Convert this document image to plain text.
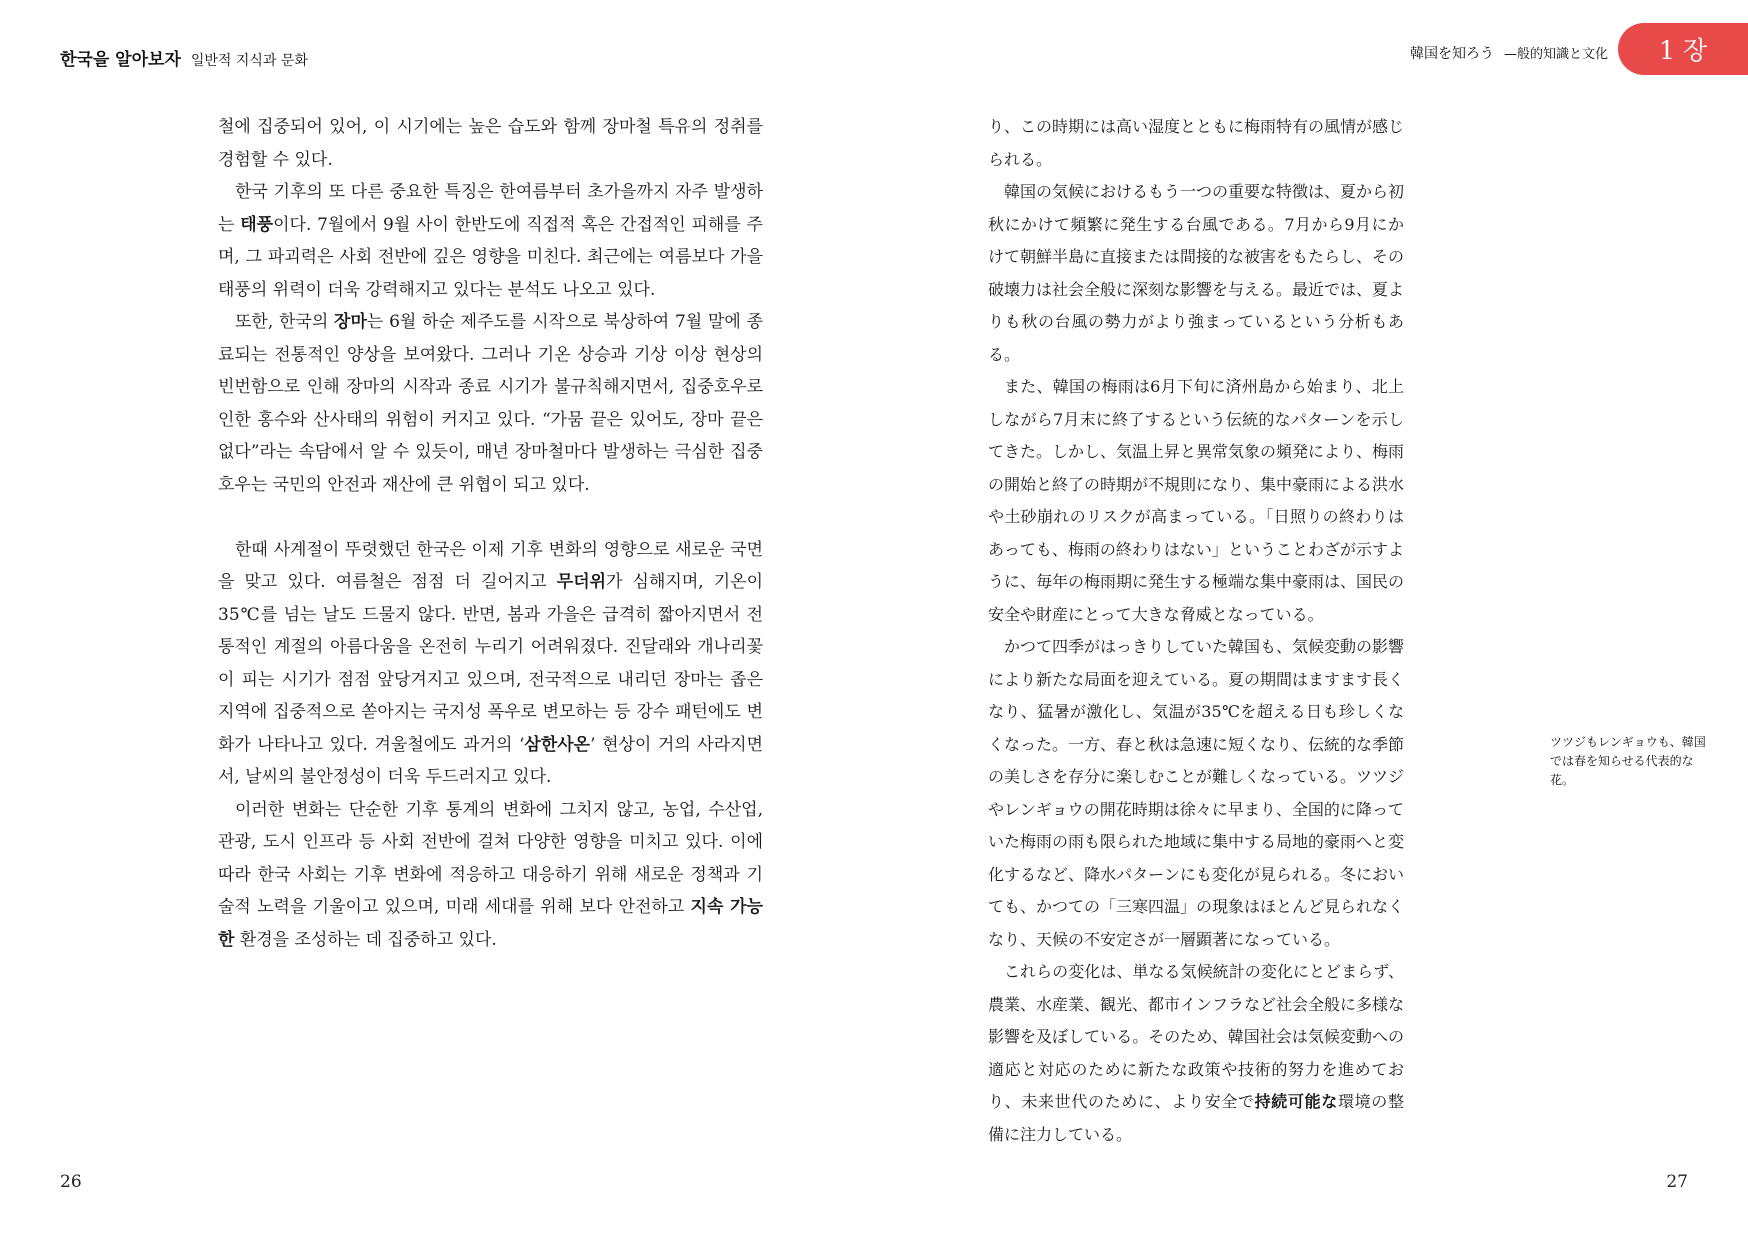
한국을 알아보자 일반적 지식과 문화

철에 집중되어 있어, 이 시기에는 높은 습도와 함께 장마철 특유의 정취를 경험할 수 있다.

한국 기후의 또 다른 중요한 특징은 한여름부터 초가을까지 자주 발생하는 태풍이다. 7월에서 9월 사이 한반도에 직접적 혹은 간접적인 피해를 주며, 그 파괴력은 사회 전반에 깊은 영향을 미친다. 최근에는 여름보다 가을 태풍의 위력이 더욱 강력해지고 있다는 분석도 나오고 있다.

또한, 한국의 장마는 6월 하순 제주도를 시작으로 북상하여 7월 말에 종료되는 전통적인 양상을 보여왔다. 그러나 기온 상승과 기상 이상 현상의 빈번함으로 인해 장마의 시작과 종료 시기가 불규칙해지면서, 집중호우로 인한 홍수와 산사태의 위험이 커지고 있다. “가뭄 끝은 있어도, 장마 끝은 없다”라는 속담에서 알 수 있듯이, 매년 장마철마다 발생하는 극심한 집중호우는 국민의 안전과 재산에 큰 위협이 되고 있다.

한때 사계절이 뚜렷했던 한국은 이제 기후 변화의 영향으로 새로운 국면을 맞고 있다. 여름철은 점점 더 길어지고 무더위가 심해지며, 기온이 35℃를 넘는 날도 드물지 않다. 반면, 봄과 가을은 급격히 짧아지면서 전통적인 계절의 아름다움을 온전히 누리기 어려워졌다. 진달래와 개나리꽃이 피는 시기가 점점 앞당겨지고 있으며, 전국적으로 내리던 장마는 좁은 지역에 집중적으로 쏟아지는 국지성 폭우로 변모하는 등 강수 패턴에도 변화가 나타나고 있다. 겨울철에도 과거의 ‘삼한사온’ 현상이 거의 사라지면서, 날씨의 불안정성이 더욱 두드러지고 있다.

이러한 변화는 단순한 기후 통계의 변화에 그치지 않고, 농업, 수산업, 관광, 도시 인프라 등 사회 전반에 걸쳐 다양한 영향을 미치고 있다. 이에 따라 한국 사회는 기후 변화에 적응하고 대응하기 위해 새로운 정책과 기술적 노력을 기울이고 있으며, 미래 세대를 위해 보다 안전하고 지속 가능한 환경을 조성하는 데 집중하고 있다.

26
韓国を知ろう —般的知識と文化	1 장

り、この時期には高い湿度とともに梅雨特有の風情が感じられる。

韓国の気候におけるもう一つの重要な特徴は、夏から初秋にかけて頻繁に発生する台風である。7月から9月にかけて朝鮮半島に直接または間接的な被害をもたらし、その破壊力は社会全般に深刻な影響を与える。最近では、夏よりも秋の台風の勢力がより強まっているという分析もある。

また、韓国の梅雨は6月下旬に済州島から始まり、北上しながら7月末に終了するという伝統的なパターンを示してきた。しかし、気温上昇と異常気象の頻発により、梅雨の開始と終了の時期が不規則になり、集中豪雨による洪水や土砂崩れのリスクが高まっている。「日照りの終わりはあっても、梅雨の終わりはない」ということわざが示すように、毎年の梅雨期に発生する極端な集中豪雨は、国民の安全や財産にとって大きな脅威となっている。

かつて四季がはっきりしていた韓国も、気候変動の影響により新たな局面を迎えている。夏の期間はますます長くなり、猛暑が激化し、気温が35℃を超える日も珍しくなくなった。一方、春と秋は急速に短くなり、伝統的な季節の美しさを存分に楽しむことが難しくなっている。ツツジやレンギョウの開花時期は徐々に早まり、全国的に降っていた梅雨の雨も限られた地域に集中する局地的豪雨へと変化するなど、降水パターンにも変化が見られる。冬においても、かつての「三寒四温」の現象はほとんど見られなくなり、天候の不安定さが一層顕著になっている。

これらの変化は、単なる気候統計の変化にとどまらず、農業、水産業、観光、都市インフラなど社会全般に多様な影響を及ぼしている。そのため、韓国社会は気候変動への適応と対応のために新たな政策や技術的努力を進めており、未来世代のために、より安全で持続可能な環境の整備に注力している。

ツツジもレンギョウも、韓国では春を知らせる代表的な花。
27
